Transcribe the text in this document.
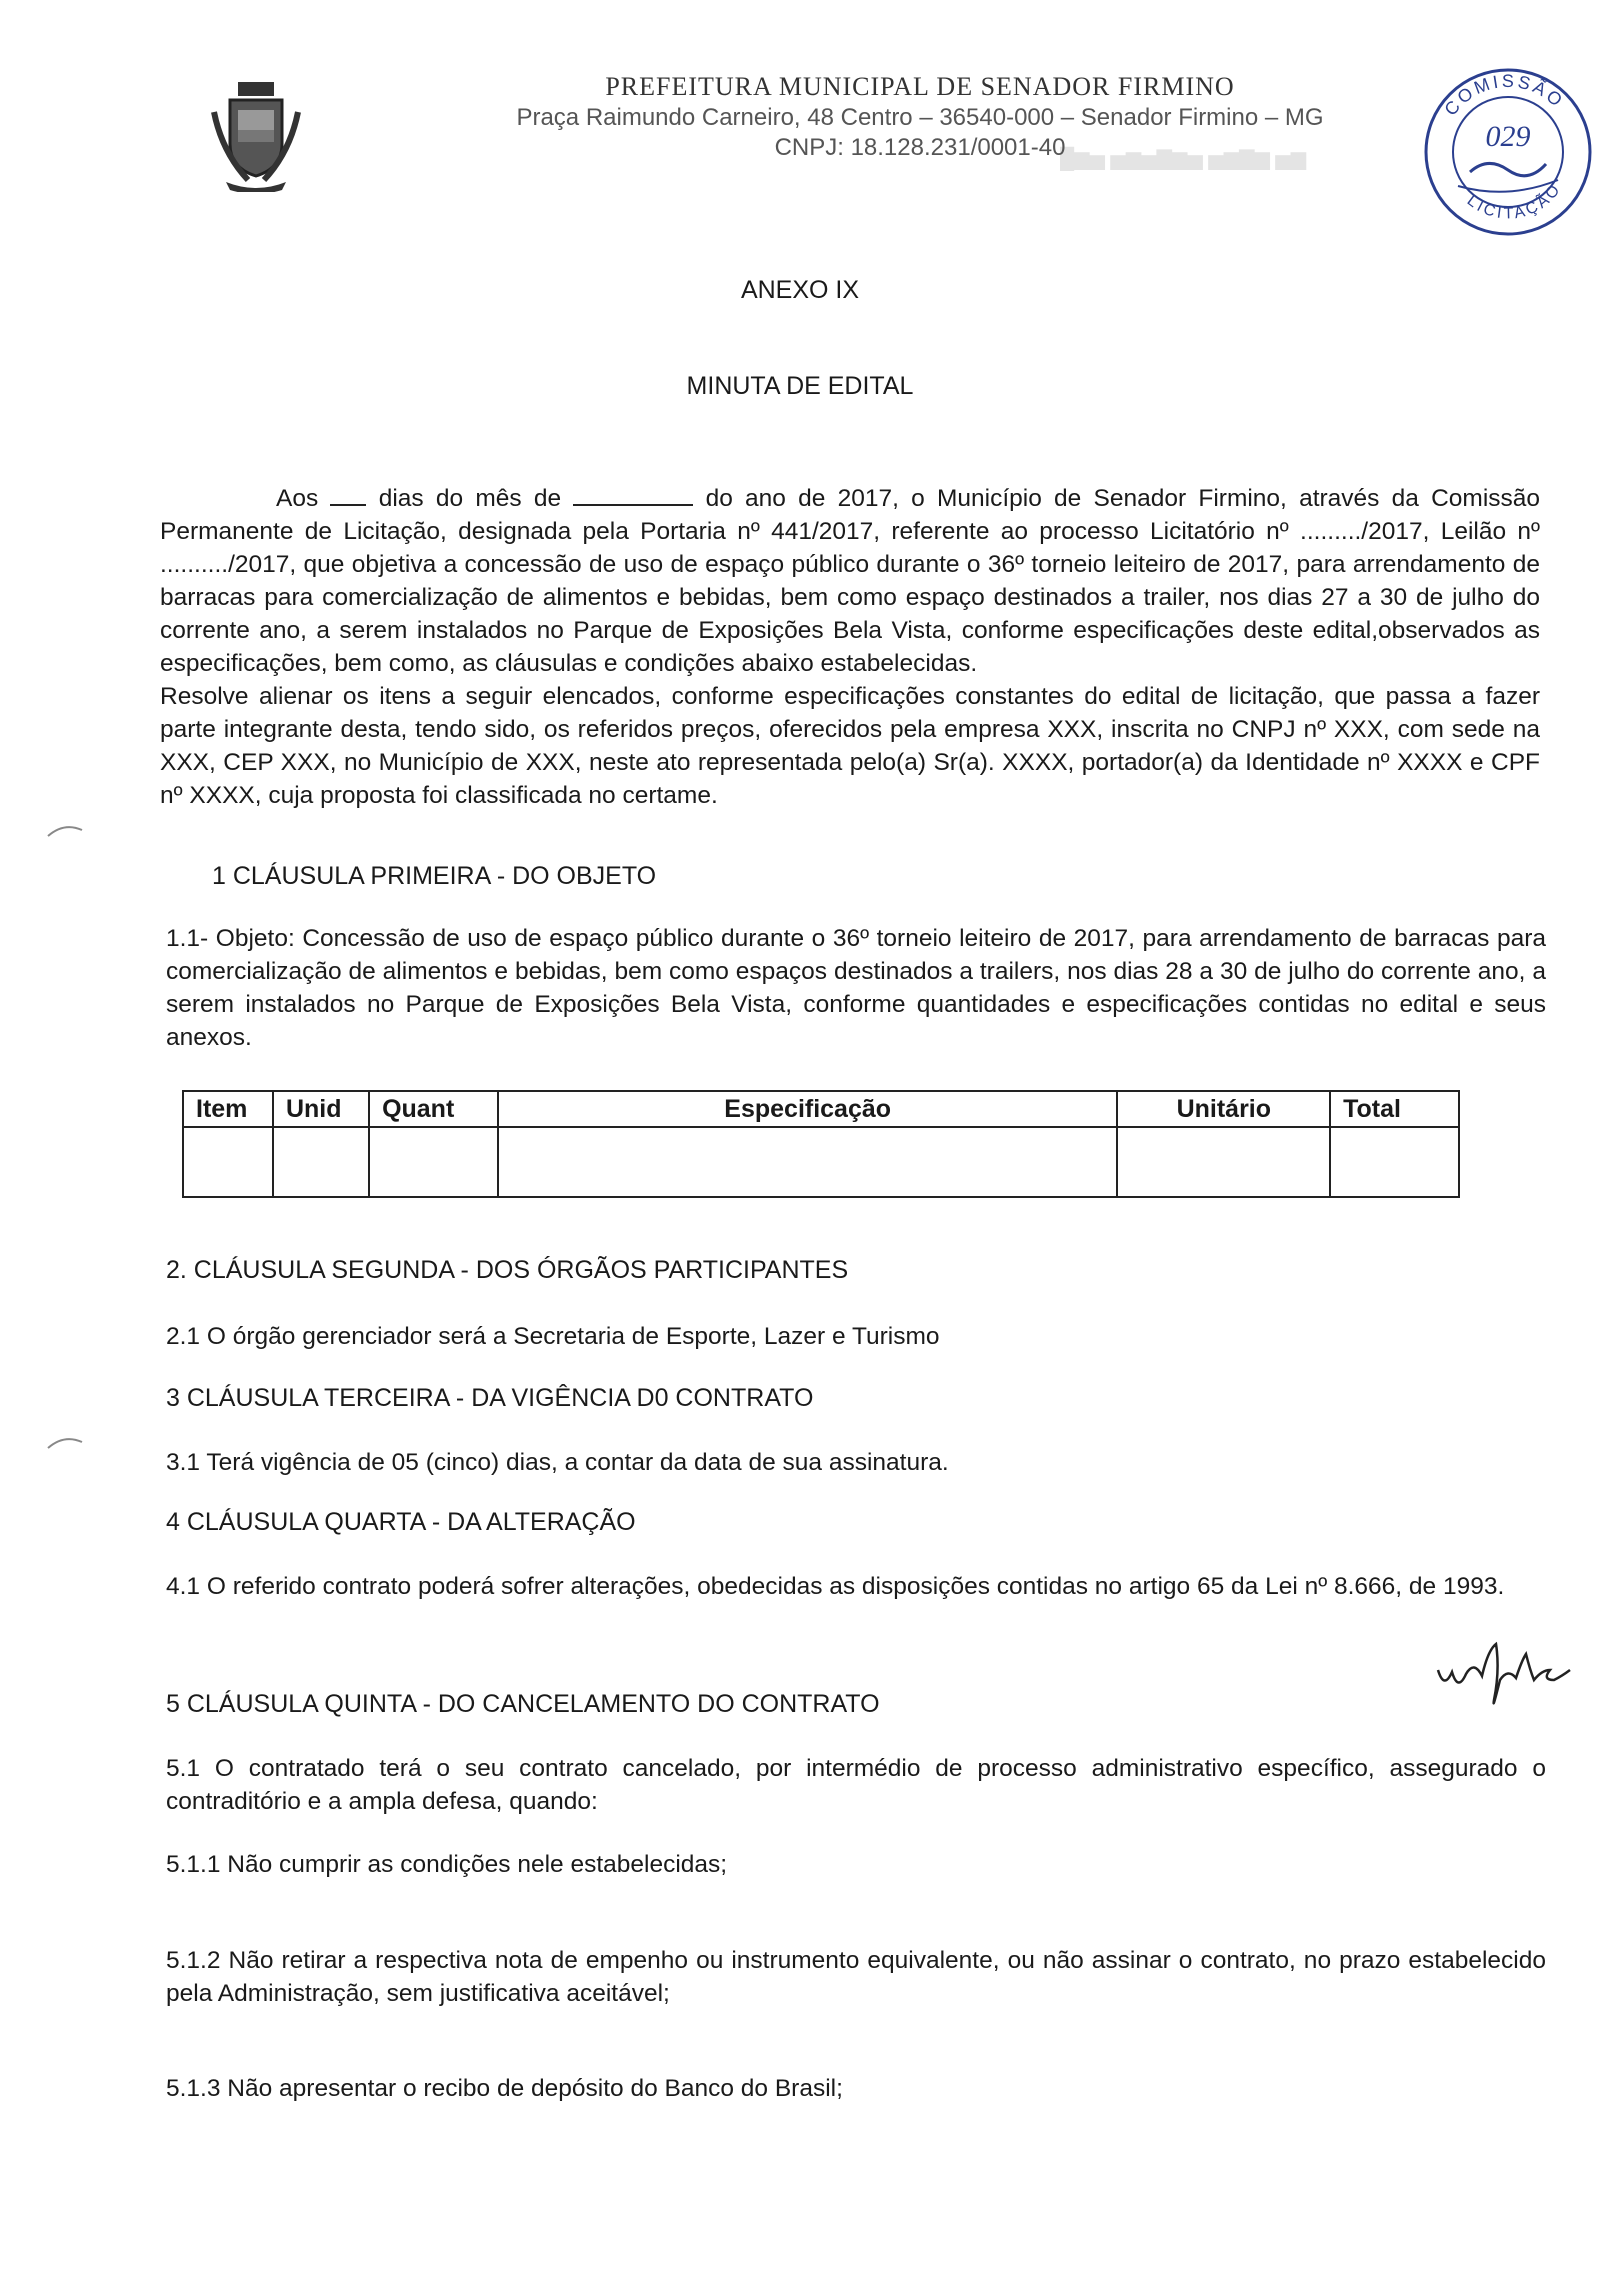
█▆▅ ▅▆▅▇▆▅ ▅▆▇▆ ▅▆

PREFEITURA MUNICIPAL DE SENADOR FIRMINO

Praça Raimundo Carneiro, 48 Centro – 36540-000 – Senador Firmino – MG

CNPJ: 18.128.231/0001-40

COMISSÃO
LICITAÇÃO
029
ANEXO IX
MINUTA DE EDITAL

Aos dias do mês de	do ano de 2017, o Município de Senador Firmino, através da Comissão Permanente de Licitação, designada pela Portaria nº 441/2017, referente ao processo Licitatório nº ........./2017, Leilão nº ........../2017, que objetiva a concessão de uso de espaço público durante o 36º torneio leiteiro de 2017, para arrendamento de barracas para comercialização de alimentos e bebidas, bem como espaço destinados a trailer, nos dias 27 a 30 de julho do corrente ano, a serem instalados no Parque de Exposições Bela Vista, conforme especificações deste edital,observados as especificações, bem como, as cláusulas e condições abaixo estabelecidas.

Resolve alienar os itens a seguir elencados, conforme especificações constantes do edital de licitação, que passa a fazer parte integrante desta, tendo sido, os referidos preços, oferecidos pela empresa XXX, inscrita no CNPJ nº XXX, com sede na XXX, CEP XXX, no Município de XXX, neste ato representada pelo(a) Sr(a). XXXX, portador(a) da Identidade nº XXXX e CPF nº XXXX, cuja proposta foi classificada no certame.

1 CLÁUSULA PRIMEIRA - DO OBJETO
1.1- Objeto: Concessão de uso de espaço público durante o 36º torneio leiteiro de 2017, para arrendamento de barracas para comercialização de alimentos e bebidas, bem como espaços destinados a trailers, nos dias 28 a 30 de julho do corrente ano, a serem instalados no Parque de Exposições Bela Vista, conforme quantidades e especificações contidas no edital e seus anexos.
Item	Unid	Quant	Especificação	Unitário	Total

2. CLÁUSULA SEGUNDA - DOS ÓRGÃOS PARTICIPANTES
2.1 O órgão gerenciador será a Secretaria de Esporte, Lazer e Turismo
3 CLÁUSULA TERCEIRA - DA VIGÊNCIA D0 CONTRATO
3.1 Terá vigência de 05 (cinco) dias, a contar da data de sua assinatura.
4 CLÁUSULA QUARTA - DA ALTERAÇÃO
4.1 O referido contrato poderá sofrer alterações, obedecidas as disposições contidas no artigo 65 da Lei nº 8.666, de 1993.
5 CLÁUSULA QUINTA - DO CANCELAMENTO DO CONTRATO
5.1 O contratado terá o seu contrato cancelado, por intermédio de processo administrativo específico, assegurado o contraditório e a ampla defesa, quando:
5.1.1 Não cumprir as condições nele estabelecidas;
5.1.2 Não retirar a respectiva nota de empenho ou instrumento equivalente, ou não assinar o contrato, no prazo estabelecido pela Administração, sem justificativa aceitável;
5.1.3 Não apresentar o recibo de depósito do Banco do Brasil;
